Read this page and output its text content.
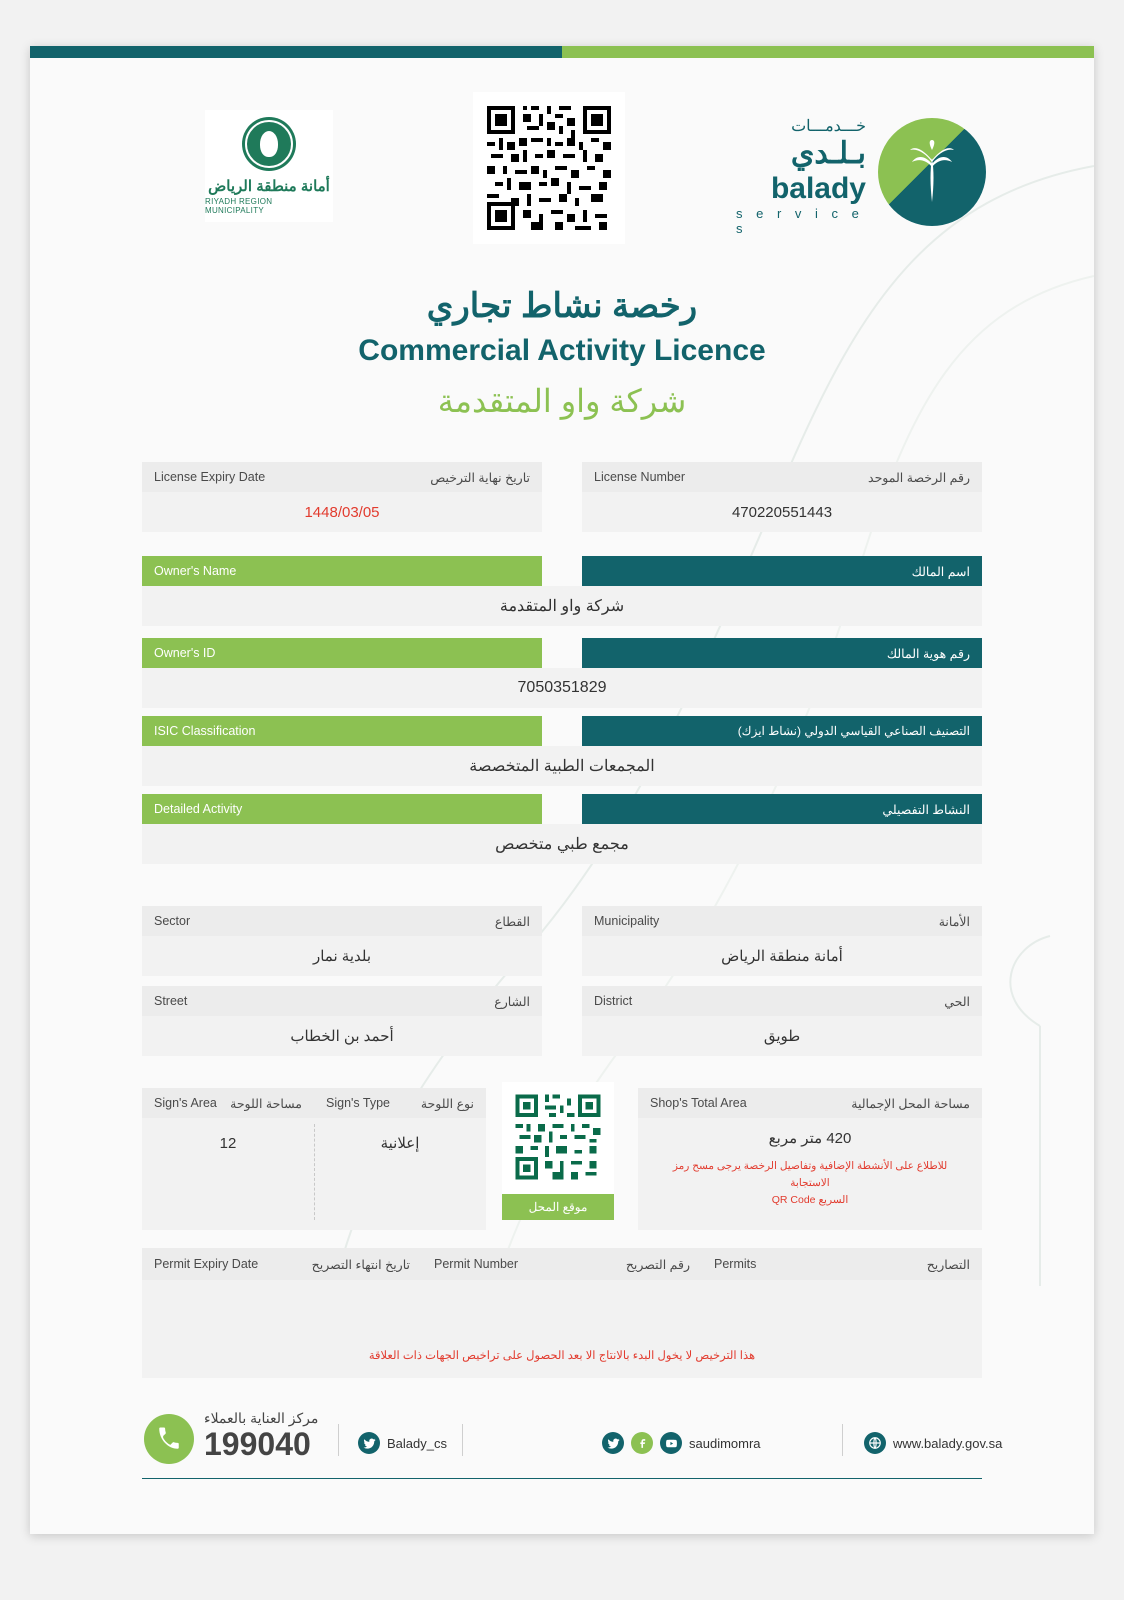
أمانة منطقة الرياض
RIYADH REGION MUNICIPALITY
خـــدمـــات
بـلـدي
balady
s e r v i c e s
رخصة نشاط تجاري
Commercial Activity Licence
شركة واو المتقدمة
License Expiry Date	تاريخ نهاية الترخيص
1448/03/05
License Number	رقم الرخصة الموحد
470220551443
Owner's Name	اسم المالك
شركة واو المتقدمة
Owner's ID	رقم هوية المالك
7050351829
ISIC Classification	التصنيف الصناعي القياسي الدولي (نشاط ايزك)
المجمعات الطبية المتخصصة
Detailed Activity	النشاط التفصيلي
مجمع طبي متخصص
Sector	القطاع
بلدية نمار
Municipality	الأمانة
أمانة منطقة الرياض
Street	الشارع
أحمد بن الخطاب
District	الحي
طويق
Sign's Area مساحة اللوحة Sign's Type نوع اللوحة
12	إعلانية
Shop's Total Area	مساحة المحل الإجمالية
420 متر مربع
للاطلاع على الأنشطة الإضافية وتفاصيل الرخصة يرجى مسح رمز الاستجابة
السريع QR Code
موقع المحل
Permit Expiry Date	تاريخ انتهاء التصريح Permit Number	رقم التصريح Permits	التصاريح
هذا الترخيص لا يخول البدء بالانتاج الا بعد الحصول على تراخيص الجهات ذات العلاقة
مركز العناية بالعملاء
199040	Balady_cs	saudimomra	www.balady.gov.sa
